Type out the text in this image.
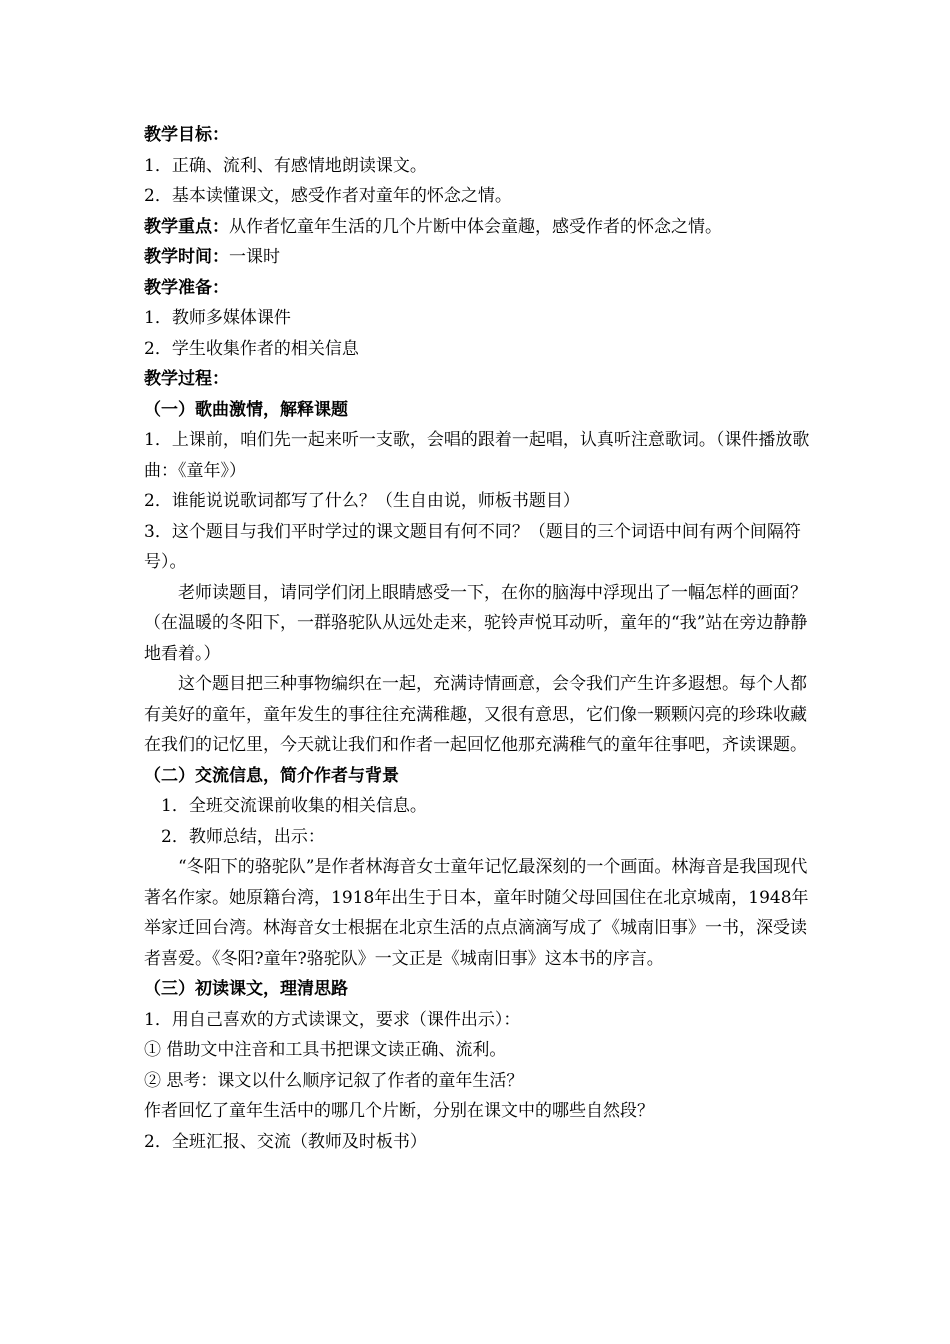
教学目标：

1．正确、流利、有感情地朗读课文。

2．基本读懂课文，感受作者对童年的怀念之情。

教学重点：从作者忆童年生活的几个片断中体会童趣，感受作者的怀念之情。

教学时间：一课时

教学准备：

1．教师多媒体课件

2．学生收集作者的相关信息

教学过程：

（一）歌曲激情，解释课题

1．上课前，咱们先一起来听一支歌，会唱的跟着一起唱，认真听注意歌词。（课件播放歌曲：《童年》）

2．谁能说说歌词都写了什么？（生自由说，师板书题目）

3．这个题目与我们平时学过的课文题目有何不同？（题目的三个词语中间有两个间隔符号）。

老师读题目，请同学们闭上眼睛感受一下，在你的脑海中浮现出了一幅怎样的画面？（在温暖的冬阳下，一群骆驼队从远处走来，驼铃声悦耳动听，童年的“我”站在旁边静静地看着。）

这个题目把三种事物编织在一起，充满诗情画意，会令我们产生许多遐想。每个人都有美好的童年，童年发生的事往往充满稚趣，又很有意思，它们像一颗颗闪亮的珍珠收藏在我们的记忆里，今天就让我们和作者一起回忆他那充满稚气的童年往事吧，齐读课题。

（二）交流信息，简介作者与背景

1．全班交流课前收集的相关信息。

2．教师总结，出示：

“冬阳下的骆驼队”是作者林海音女士童年记忆最深刻的一个画面。林海音是我国现代著名作家。她原籍台湾，1918年出生于日本，童年时随父母回国住在北京城南，1948年举家迁回台湾。林海音女士根据在北京生活的点点滴滴写成了《城南旧事》一书，深受读者喜爱。《冬阳?童年?骆驼队》一文正是《城南旧事》这本书的序言。

（三）初读课文，理清思路

1．用自己喜欢的方式读课文，要求（课件出示）：

① 借助文中注音和工具书把课文读正确、流利。

② 思考：课文以什么顺序记叙了作者的童年生活？

作者回忆了童年生活中的哪几个片断，分别在课文中的哪些自然段？

2．全班汇报、交流（教师及时板书）
